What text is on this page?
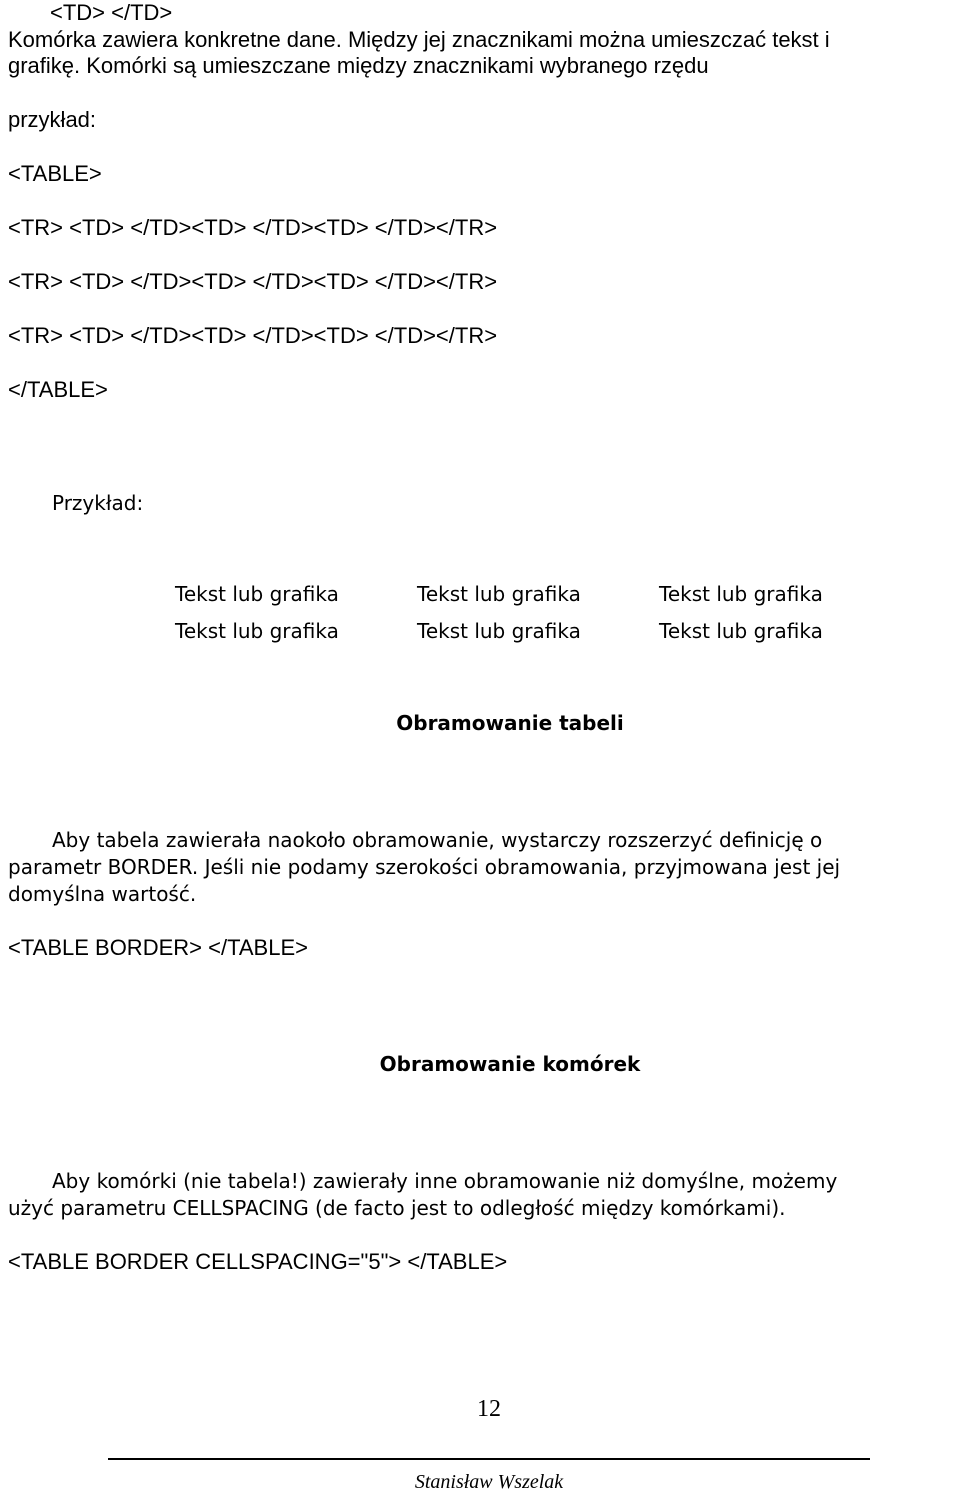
<TD> </TD>
Komórka zawiera konkretne dane. Między jej znacznikami można umieszczać tekst i
grafikę. Komórki są umieszczane między znacznikami wybranego rzędu
przykład:
<TABLE>
<TR> <TD> </TD><TD> </TD><TD> </TD></TR>
<TR> <TD> </TD><TD> </TD><TD> </TD></TR>
<TR> <TD> </TD><TD> </TD><TD> </TD></TR>
</TABLE>
Przykład:
Tekst lub grafika	Tekst lub grafika	Tekst lub grafika
Tekst lub grafika	Tekst lub grafika	Tekst lub grafika
Obramowanie tabeli
Aby tabela zawierała naokoło obramowanie, wystarczy rozszerzyć definicję o
parametr BORDER. Jeśli nie podamy szerokości obramowania, przyjmowana jest jej
domyślna wartość.
<TABLE BORDER> </TABLE>
Obramowanie komórek
Aby komórki (nie tabela!) zawierały inne obramowanie niż domyślne, możemy
użyć parametru CELLSPACING (de facto jest to odległość między komórkami).
<TABLE BORDER CELLSPACING="5"> </TABLE>
12
Stanisław Wszelak
